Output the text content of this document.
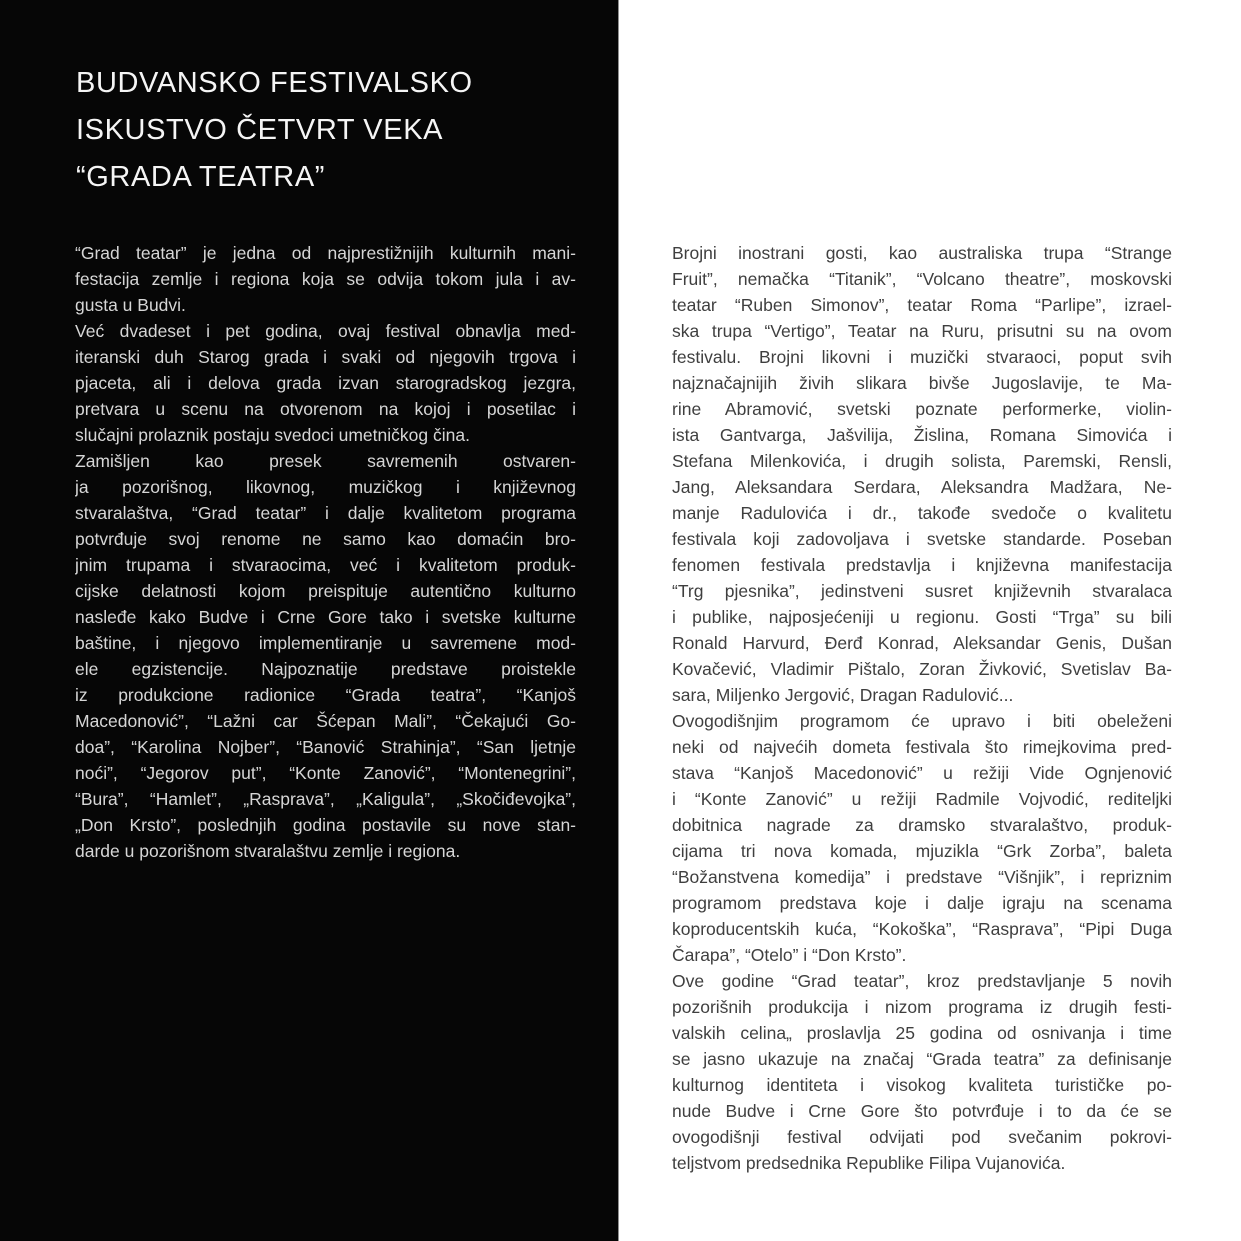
BUDVANSKO FESTIVALSKO
ISKUSTVO ČETVRT VEKA
“GRADA TEATRA”
“Grad teatar” je jedna od najprestižnijih kulturnih mani-
festacija zemlje i regiona koja se odvija tokom jula i av-
gusta u Budvi.
Već dvadeset i pet godina, ovaj festival obnavlja med-
iteranski duh Starog grada i svaki od njegovih trgova i
pjaceta, ali i delova grada izvan starogradskog jezgra,
pretvara u scenu na otvorenom na kojoj i posetilac i
slučajni prolaznik postaju svedoci umetničkog čina.
Zamišljen kao presek savremenih ostvaren-
ja pozorišnog, likovnog, muzičkog i književnog
stvaralaštva, “Grad teatar” i dalje kvalitetom programa
potvrđuje svoj renome ne samo kao domaćin bro-
jnim trupama i stvaraocima, već i kvalitetom produk-
cijske delatnosti kojom preispituje autentično kulturno
nasleđe kako Budve i Crne Gore tako i svetske kulturne
baštine, i njegovo implementiranje u savremene mod-
ele egzistencije. Najpoznatije predstave proistekle
iz produkcione radionice “Grada teatra”, “Kanjoš
Macedonović”, “Lažni car Šćepan Mali”, “Čekajući Go-
doa”, “Karolina Nojber”, “Banović Strahinja”, “San ljetnje
noći”, “Jegorov put”, “Konte Zanović”, “Montenegrini”,
“Bura”, “Hamlet”, „Rasprava”, „Kaligula”, „Skočiđevojka”,
„Don Krsto”, poslednjih godina postavile su nove stan-
darde u pozorišnom stvaralaštvu zemlje i regiona.
Brojni inostrani gosti, kao australiska trupa “Strange
Fruit”, nemačka “Titanik”, “Volcano theatre”, moskovski
teatar “Ruben Simonov”, teatar Roma “Parlipe”, izrael-
ska trupa “Vertigo”, Teatar na Ruru, prisutni su na ovom
festivalu. Brojni likovni i muzički stvaraoci, poput svih
najznačajnijih živih slikara bivše Jugoslavije, te Ma-
rine Abramović, svetski poznate performerke, violin-
ista Gantvarga, Jašvilija, Žislina, Romana Simovića i
Stefana Milenkovića, i drugih solista, Paremski, Rensli,
Jang, Aleksandara Serdara, Aleksandra Madžara, Ne-
manje Radulovića i dr., takođe svedoče o kvalitetu
festivala koji zadovoljava i svetske standarde. Poseban
fenomen festivala predstavlja i književna manifestacija
“Trg pjesnika”, jedinstveni susret književnih stvaralaca
i publike, najposjećeniji u regionu. Gosti “Trga” su bili
Ronald Harvurd, Đerđ Konrad, Aleksandar Genis, Dušan
Kovačević, Vladimir Pištalo, Zoran Živković, Svetislav Ba-
sara, Miljenko Jergović, Dragan Radulović...
Ovogodišnjim programom će upravo i biti obeleženi
neki od najvećih dometa festivala što rimejkovima pred-
stava “Kanjoš Macedonović” u režiji Vide Ognjenović
i “Konte Zanović” u režiji Radmile Vojvodić, rediteljki
dobitnica nagrade za dramsko stvaralaštvo, produk-
cijama tri nova komada, mjuzikla “Grk Zorba”, baleta
“Božanstvena komedija” i predstave “Višnjik”, i repriznim
programom predstava koje i dalje igraju na scenama
koproducentskih kuća, “Kokoška”, “Rasprava”, “Pipi Duga
Čarapa”, “Otelo” i “Don Krsto”.
Ove godine “Grad teatar”, kroz predstavljanje 5 novih
pozorišnih produkcija i nizom programa iz drugih festi-
valskih celina„ proslavlja 25 godina od osnivanja i time
se jasno ukazuje na značaj “Grada teatra” za definisanje
kulturnog identiteta i visokog kvaliteta turističke po-
nude Budve i Crne Gore što potvrđuje i to da će se
ovogodišnji festival odvijati pod svečanim pokrovi-
teljstvom predsednika Republike Filipa Vujanovića.
